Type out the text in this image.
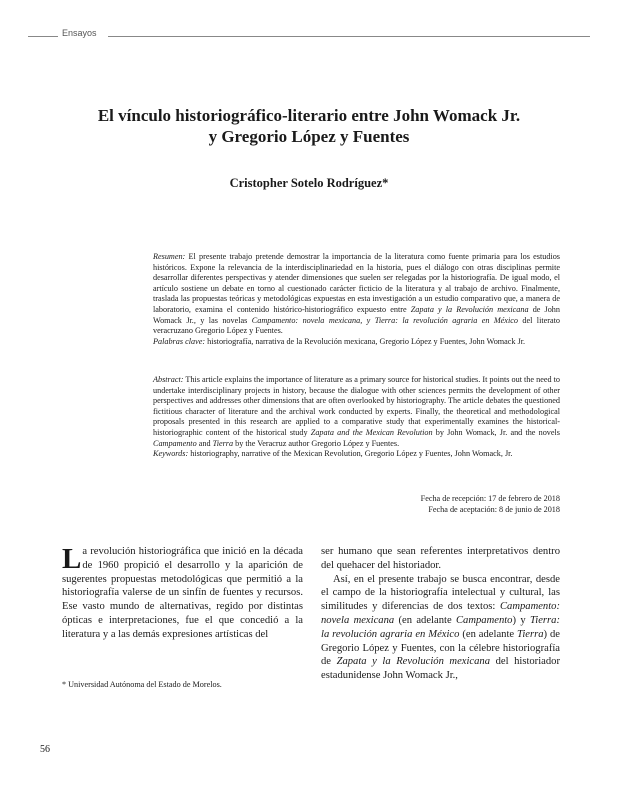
Ensayos
El vínculo historiográfico-literario entre John Womack Jr.
y Gregorio López y Fuentes
Cristopher Sotelo Rodríguez*
Resumen: El presente trabajo pretende demostrar la importancia de la literatura como fuente primaria para los estudios históricos. Expone la relevancia de la interdisciplinariedad en la historia, pues el diálogo con otras disciplinas permite desarrollar diferentes perspectivas y atender dimensiones que suelen ser relegadas por la historiografía. De igual modo, el artículo sostiene un debate en torno al cuestionado carácter ficticio de la literatura y al trabajo de archivo. Finalmente, traslada las propuestas teóricas y metodológicas expuestas en esta investigación a un estudio comparativo que, a manera de laboratorio, examina el contenido histórico-historiográfico expuesto entre Zapata y la Revolución mexicana de John Womack Jr., y las novelas Campamento: novela mexicana, y Tierra: la revolución agraria en México del literato veracruzano Gregorio López y Fuentes.
Palabras clave: historiografía, narrativa de la Revolución mexicana, Gregorio López y Fuentes, John Womack Jr.
Abstract: This article explains the importance of literature as a primary source for historical studies. It points out the need to undertake interdisciplinary projects in history, because the dialogue with other sciences permits the development of other perspectives and addresses other dimensions that are often overlooked by historiography. The article debates the questioned fictitious character of literature and the archival work conducted by experts. Finally, the theoretical and methodological proposals presented in this research are applied to a comparative study that experimentally examines the historical-historiographic content of the historical study Zapata and the Mexican Revolution by John Womack, Jr. and the novels Campamento and Tierra by the Veracruz author Gregorio López y Fuentes.
Keywords: historiography, narrative of the Mexican Revolution, Gregorio López y Fuentes, John Womack, Jr.
Fecha de recepción: 17 de febrero de 2018
Fecha de aceptación: 8 de junio de 2018
La revolución historiográfica que inició en la década de 1960 propició el desarrollo y la aparición de sugerentes propuestas metodológicas que permitió a la historiografía valerse de un sinfín de fuentes y recursos. Ese vasto mundo de alternativas, regido por distintas ópticas e interpretaciones, fue el que concedió a la literatura y a las demás expresiones artísticas del
ser humano que sean referentes interpretativos dentro del quehacer del historiador.
Así, en el presente trabajo se busca encontrar, desde el campo de la historiografía intelectual y cultural, las similitudes y diferencias de dos textos: Campamento: novela mexicana (en adelante Campamento) y Tierra: la revolución agraria en México (en adelante Tierra) de Gregorio López y Fuentes, con la célebre historiografía de Zapata y la Revolución mexicana del historiador estadunidense John Womack Jr.,
* Universidad Autónoma del Estado de Morelos.
56
